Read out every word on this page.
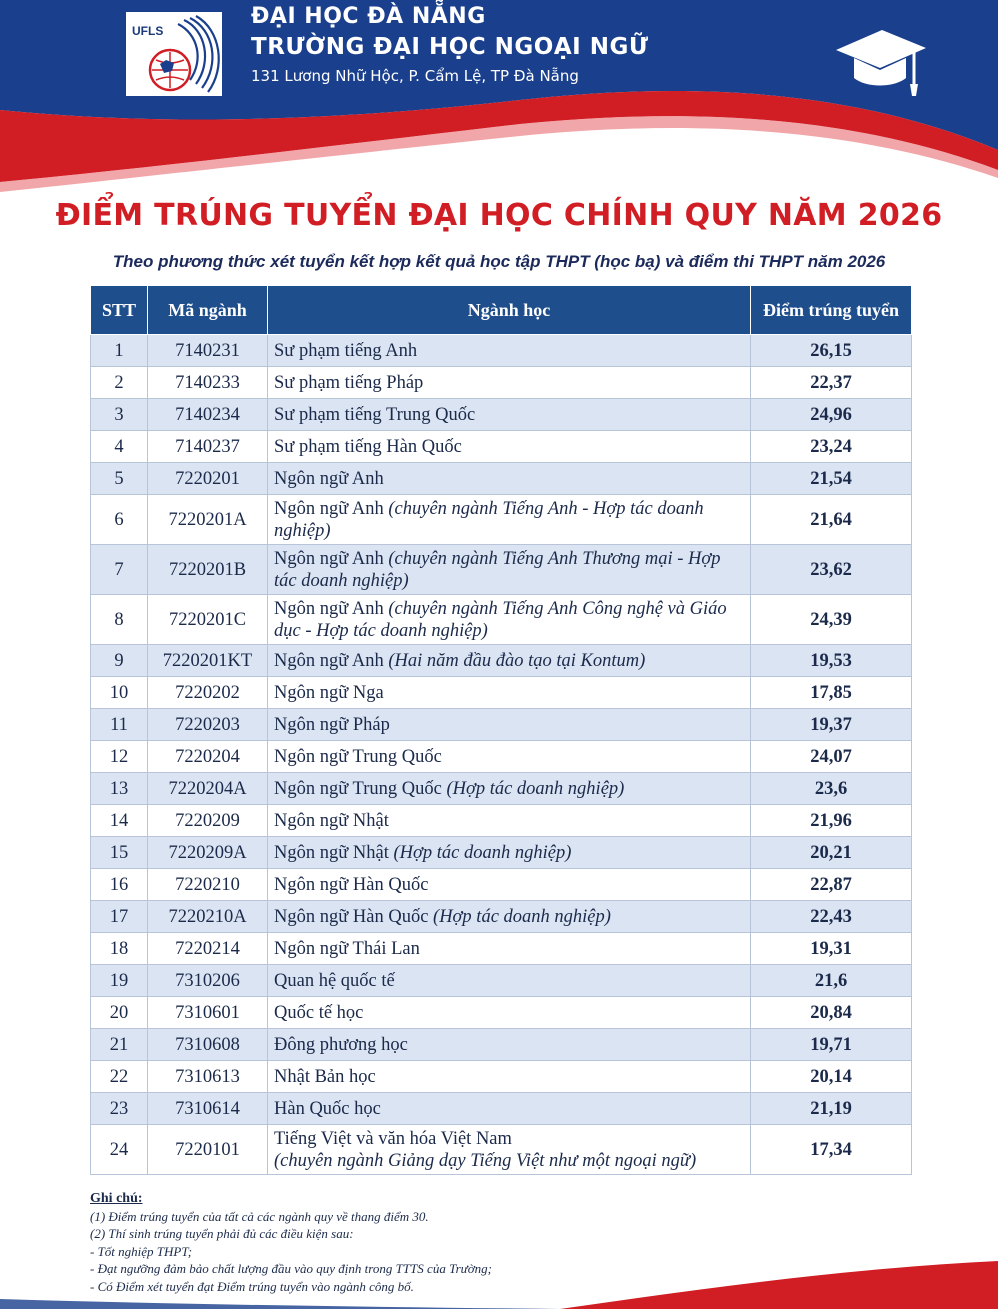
UFLS

ĐẠI HỌC ĐÀ NẴNG

TRƯỜNG ĐẠI HỌC NGOẠI NGỮ

131 Lương Nhữ Hộc, P. Cẩm Lệ, TP Đà Nẵng

ĐIỂM TRÚNG TUYỂN ĐẠI HỌC CHÍNH QUY NĂM 2026

Theo phương thức xét tuyển kết hợp kết quả học tập THPT (học bạ) và điểm thi THPT năm 2026

STT	Mã ngành	Ngành học	Điểm trúng tuyển
1	7140231	Sư phạm tiếng Anh	26,15
2	7140233	Sư phạm tiếng Pháp	22,37
3	7140234	Sư phạm tiếng Trung Quốc	24,96
4	7140237	Sư phạm tiếng Hàn Quốc	23,24
5	7220201	Ngôn ngữ Anh	21,54
6	7220201A	Ngôn ngữ Anh (chuyên ngành Tiếng Anh - Hợp tác doanh nghiệp)	21,64
7	7220201B	Ngôn ngữ Anh (chuyên ngành Tiếng Anh Thương mại - Hợp tác doanh nghiệp)	23,62
8	7220201C	Ngôn ngữ Anh (chuyên ngành Tiếng Anh Công nghệ và Giáo dục - Hợp tác doanh nghiệp)	24,39
9	7220201KT	Ngôn ngữ Anh (Hai năm đầu đào tạo tại Kontum)	19,53
10	7220202	Ngôn ngữ Nga	17,85
11	7220203	Ngôn ngữ Pháp	19,37
12	7220204	Ngôn ngữ Trung Quốc	24,07
13	7220204A	Ngôn ngữ Trung Quốc (Hợp tác doanh nghiệp)	23,6
14	7220209	Ngôn ngữ Nhật	21,96
15	7220209A	Ngôn ngữ Nhật (Hợp tác doanh nghiệp)	20,21
16	7220210	Ngôn ngữ Hàn Quốc	22,87
17	7220210A	Ngôn ngữ Hàn Quốc (Hợp tác doanh nghiệp)	22,43
18	7220214	Ngôn ngữ Thái Lan	19,31
19	7310206	Quan hệ quốc tế	21,6
20	7310601	Quốc tế học	20,84
21	7310608	Đông phương học	19,71
22	7310613	Nhật Bản học	20,14
23	7310614	Hàn Quốc học	21,19
24	7220101	Tiếng Việt và văn hóa Việt Nam
(chuyên ngành Giảng dạy Tiếng Việt như một ngoại ngữ)	17,34
Ghi chú:
(1) Điểm trúng tuyển của tất cả các ngành quy về thang điểm 30.
(2) Thí sinh trúng tuyển phải đủ các điều kiện sau:
- Tốt nghiệp THPT;
- Đạt ngưỡng đảm bảo chất lượng đầu vào quy định trong TTTS của Trường;
- Có Điểm xét tuyển đạt Điểm trúng tuyển vào ngành công bố.
